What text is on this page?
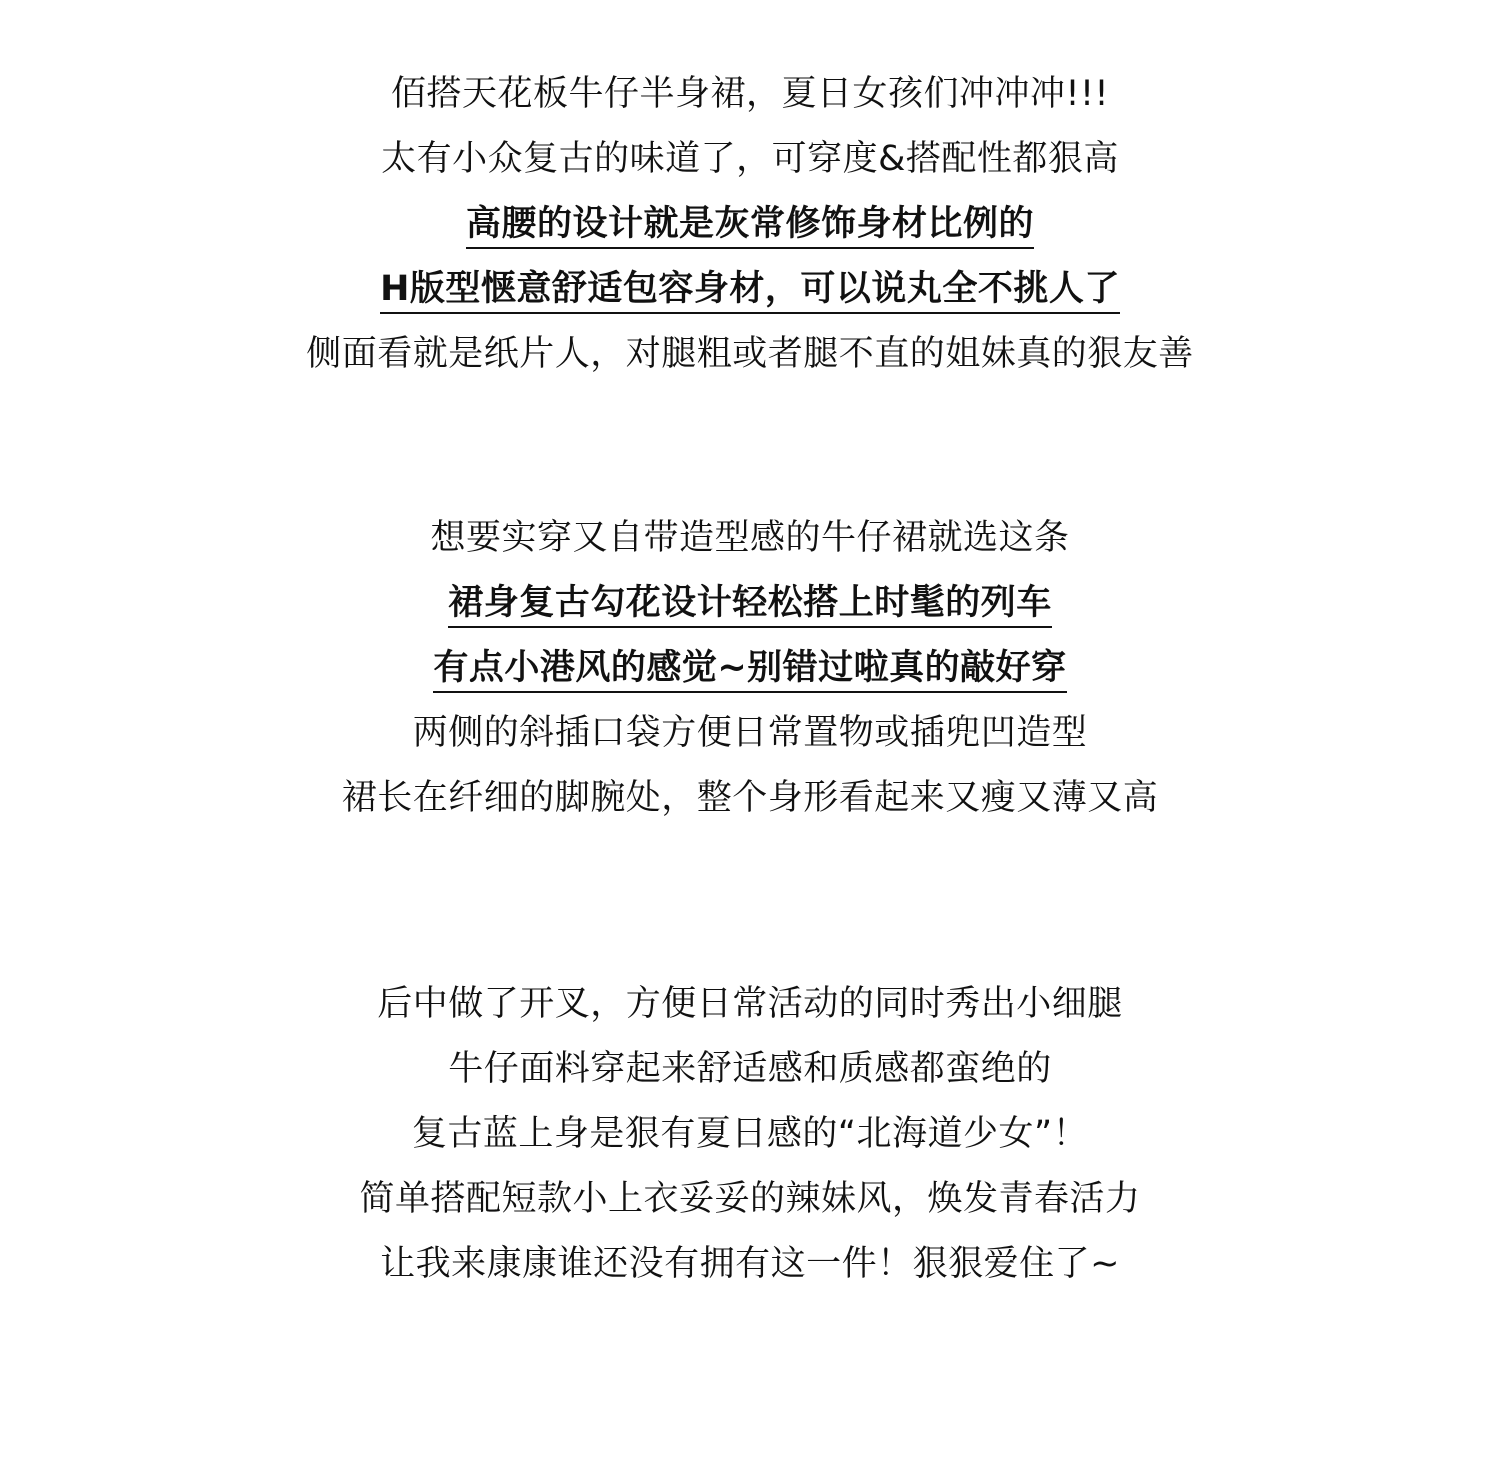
佰搭天花板牛仔半身裙，夏日女孩们冲冲冲!!!
太有小众复古的味道了，可穿度&搭配性都狠高
高腰的设计就是灰常修饰身材比例的
H版型惬意舒适包容身材，可以说丸全不挑人了
侧面看就是纸片人，对腿粗或者腿不直的姐妹真的狠友善
想要实穿又自带造型感的牛仔裙就选这条
裙身复古勾花设计轻松搭上时髦的列车
有点小港风的感觉~别错过啦真的敲好穿
两侧的斜插口袋方便日常置物或插兜凹造型
裙长在纤细的脚腕处，整个身形看起来又瘦又薄又高
后中做了开叉，方便日常活动的同时秀出小细腿
牛仔面料穿起来舒适感和质感都蛮绝的
复古蓝上身是狠有夏日感的“北海道少女”！
简单搭配短款小上衣妥妥的辣妹风，焕发青春活力
让我来康康谁还没有拥有这一件！狠狠爱住了~
